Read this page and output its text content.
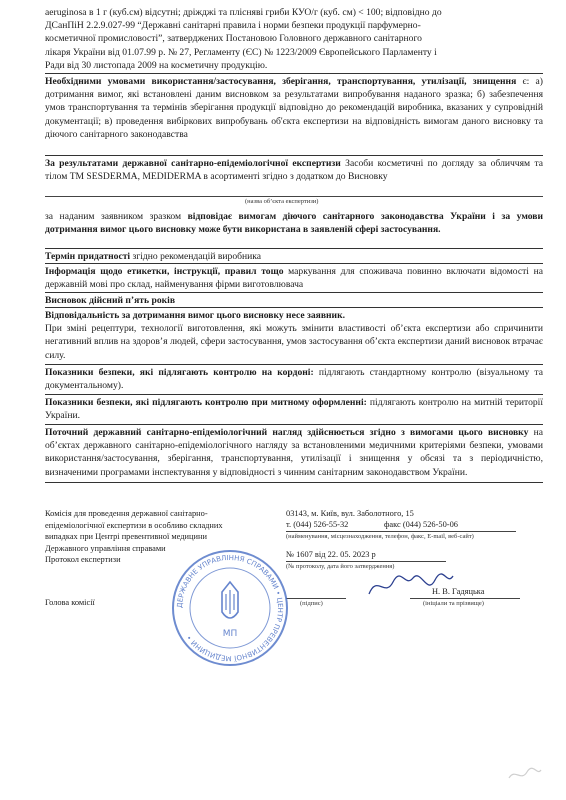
aeruginosa в 1 г (куб.см) відсутні; дріжджі та плісняві гриби КУО/г (куб. см) < 100; відповідно до

ДСанПіН 2.2.9.027-99 “Державні санітарні правила і норми безпеки продукції парфумерно-

косметичної промисловості”, затверджених Постановою Головного державного санітарного

лікаря України від 01.07.99 р. № 27, Регламенту (ЄС) № 1223/2009 Європейського Парламенту і

Ради від 30 листопада 2009 на косметичну продукцію.

Необхідними умовами використання/застосування, зберігання, транспортування, утилізації, знищення є: а) дотримання вимог, які встановлені даним висновком за результатами випробування наданого зразка; б) забезпечення умов транспортування та термінів зберігання продукції відповідно до рекомендацій виробника, вказаних у супровідній документації; в) проведення вибіркових випробувань об'єкта експертизи на відповідність вимогам даного висновку та діючого санітарного законодавства

За результатами державної санітарно-епідеміологічної експертизи Засоби косметичні по догляду за обличчям та тілом ТМ SESDERMA, MEDIDERMA в асортименті згідно з додатком до Висновку

(назва об’єкта експертизи)

за наданим заявником зразком відповідає вимогам діючого санітарного законодавства України і за умови дотримання вимог цього висновку може бути використана в заявленій сфері застосування.

Термін придатності згідно рекомендацій виробника

Інформація щодо етикетки, інструкції, правил тощо маркування для споживача повинно включати відомості на державній мові про склад, найменування фірми виготовлювача

Висновок дійсний п’ять років

Відповідальність за дотримання вимог цього висновку несе заявник.

При зміні рецептури, технології виготовлення, які можуть змінити властивості об’єкта експертизи або спричинити негативний вплив на здоров’я людей, сфери застосування, умов застосування об’єкта експертизи даний висновок втрачає силу.

Показники безпеки, які підлягають контролю на кордоні: підлягають стандартному контролю (візуальному та документальному).

Показники безпеки, які підлягають контролю при митному оформленні: підлягають контролю на митній території України.

Поточний державний санітарно-епідеміологічний нагляд здійснюється згідно з вимогами цього висновку на об’єктах державного санітарно-епідеміологічного нагляду за встановленими медичними критеріями безпеки, умовами використання/застосування, зберігання, транспортування, утилізації і знищення у обсязі та з періодичністю, визначеними програмами інспектування у відповідності з чинним санітарним законодавством України.

Комісія для проведення державної санітарно-
епідеміологічної експертизи в особливо складних
випадках при Центрі превентивної медицини
Державного управління справами
Протокол експертизи
03143, м. Київ, вул. Заболотного, 15
т. (044) 526-55-32	факс (044) 526-50-06
(найменування, місцезнаходження, телефон, факс, E-mail, веб-сайт)
№ 1607 від 22. 05. 2023 р
(№ протоколу, дата його затвердження)
Голова комісії
Н. В. Гадяцька
(підпис)	(ініціали та прізвище)
ДЕРЖАВНЕ УПРАВЛІННЯ СПРАВАМИ • ЦЕНТР ПРЕВЕНТИВНОЇ МЕДИЦИНИ •	МП
